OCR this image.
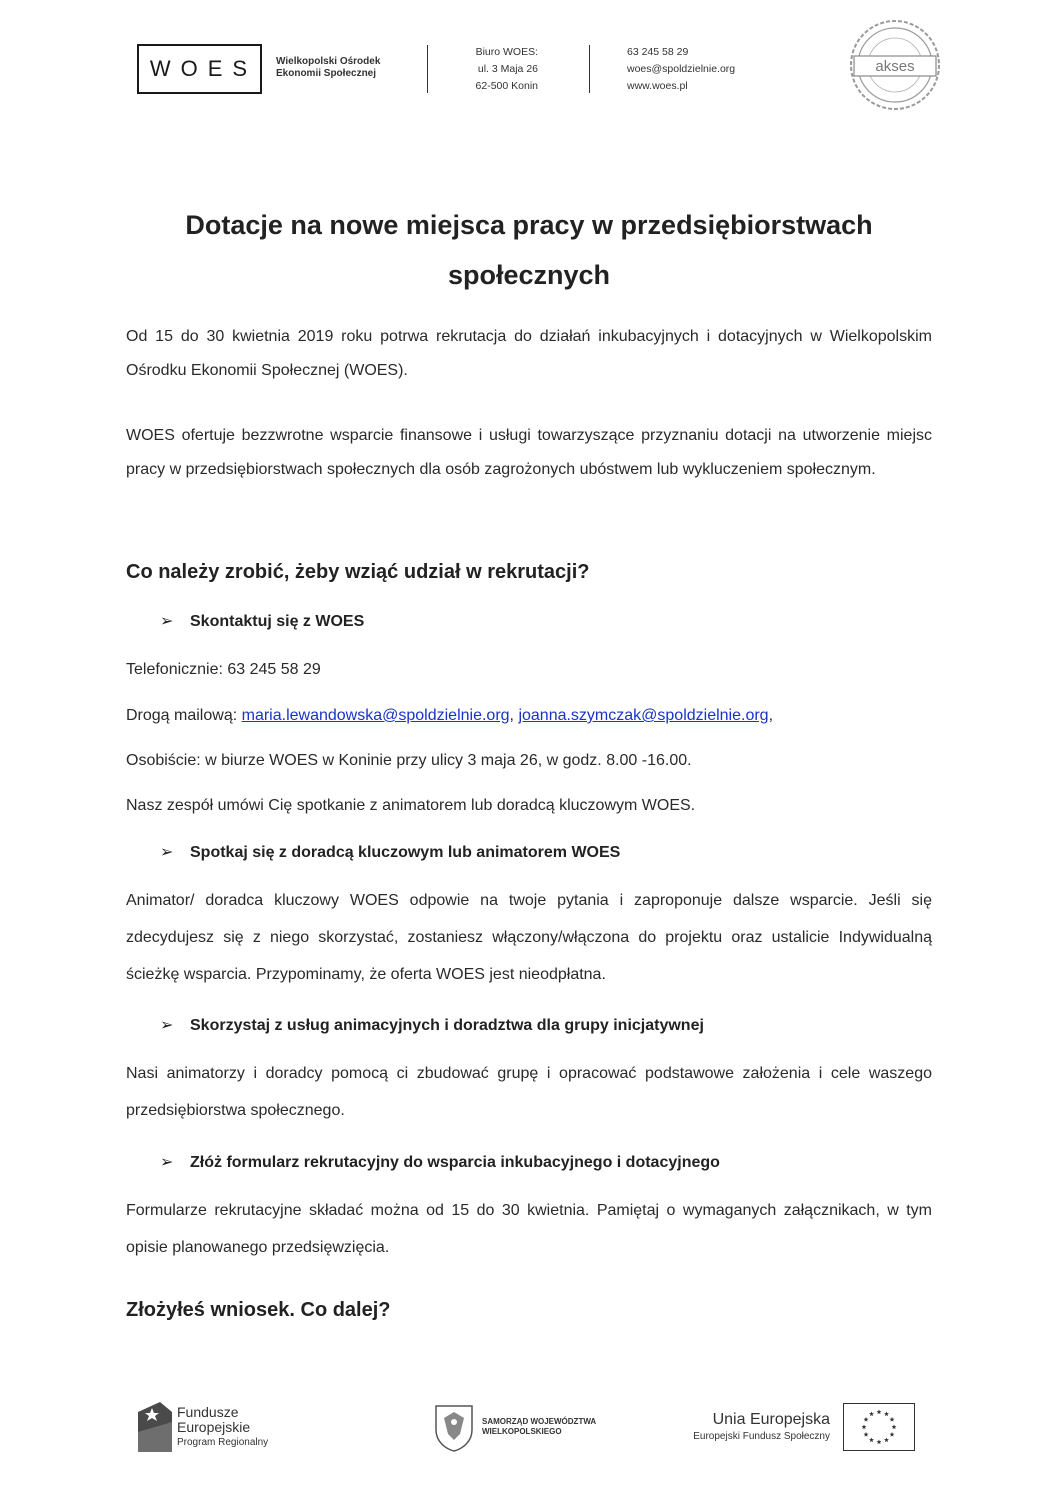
WOES Wielkopolski Ośrodek
Ekonomii Społecznej
Biuro WOES:
ul. 3 Maja 26
62-500 Konin
63 245 58 29
woes@spoldzielnie.org
www.woes.pl
akses
Dotacje na nowe miejsca pracy w przedsiębiorstwach
społecznych
Od 15 do 30 kwietnia 2019 roku potrwa rekrutacja do działań inkubacyjnych i dotacyjnych w Wielkopolskim Ośrodku Ekonomii Społecznej (WOES).
WOES ofertuje bezzwrotne wsparcie finansowe i usługi towarzyszące przyznaniu dotacji na utworzenie miejsc pracy w przedsiębiorstwach społecznych dla osób zagrożonych ubóstwem lub wykluczeniem społecznym.
Co należy zrobić, żeby wziąć udział w rekrutacji?
➢ Skontaktuj się z WOES
Telefonicznie: 63 245 58 29
Drogą mailową: maria.lewandowska@spoldzielnie.org, joanna.szymczak@spoldzielnie.org,
Osobiście: w biurze WOES w Koninie przy ulicy 3 maja 26, w godz. 8.00 -16.00.
Nasz zespół umówi Cię spotkanie z animatorem lub doradcą kluczowym WOES.
➢ Spotkaj się z doradcą kluczowym lub animatorem WOES
Animator/ doradca kluczowy WOES odpowie na twoje pytania i zaproponuje dalsze wsparcie. Jeśli się zdecydujesz się z niego skorzystać, zostaniesz włączony/włączona do projektu oraz ustalicie Indywidualną ścieżkę wsparcia. Przypominamy, że oferta WOES jest nieodpłatna.
➢ Skorzystaj z usług animacyjnych i doradztwa dla grupy inicjatywnej
Nasi animatorzy i doradcy pomocą ci zbudować grupę i opracować podstawowe założenia i cele waszego przedsiębiorstwa społecznego.
➢ Złóż formularz rekrutacyjny do wsparcia inkubacyjnego i dotacyjnego
Formularze rekrutacyjne składać można od 15 do 30 kwietnia. Pamiętaj o wymaganych załącznikach, w tym opisie planowanego przedsięwzięcia.
Złożyłeś wniosek. Co dalej?
Fundusze
Europejskie
Program Regionalny
SAMORZĄD WOJEWÓDZTWA
WIELKOPOLSKIEGO
Unia Europejska
Europejski Fundusz Społeczny
